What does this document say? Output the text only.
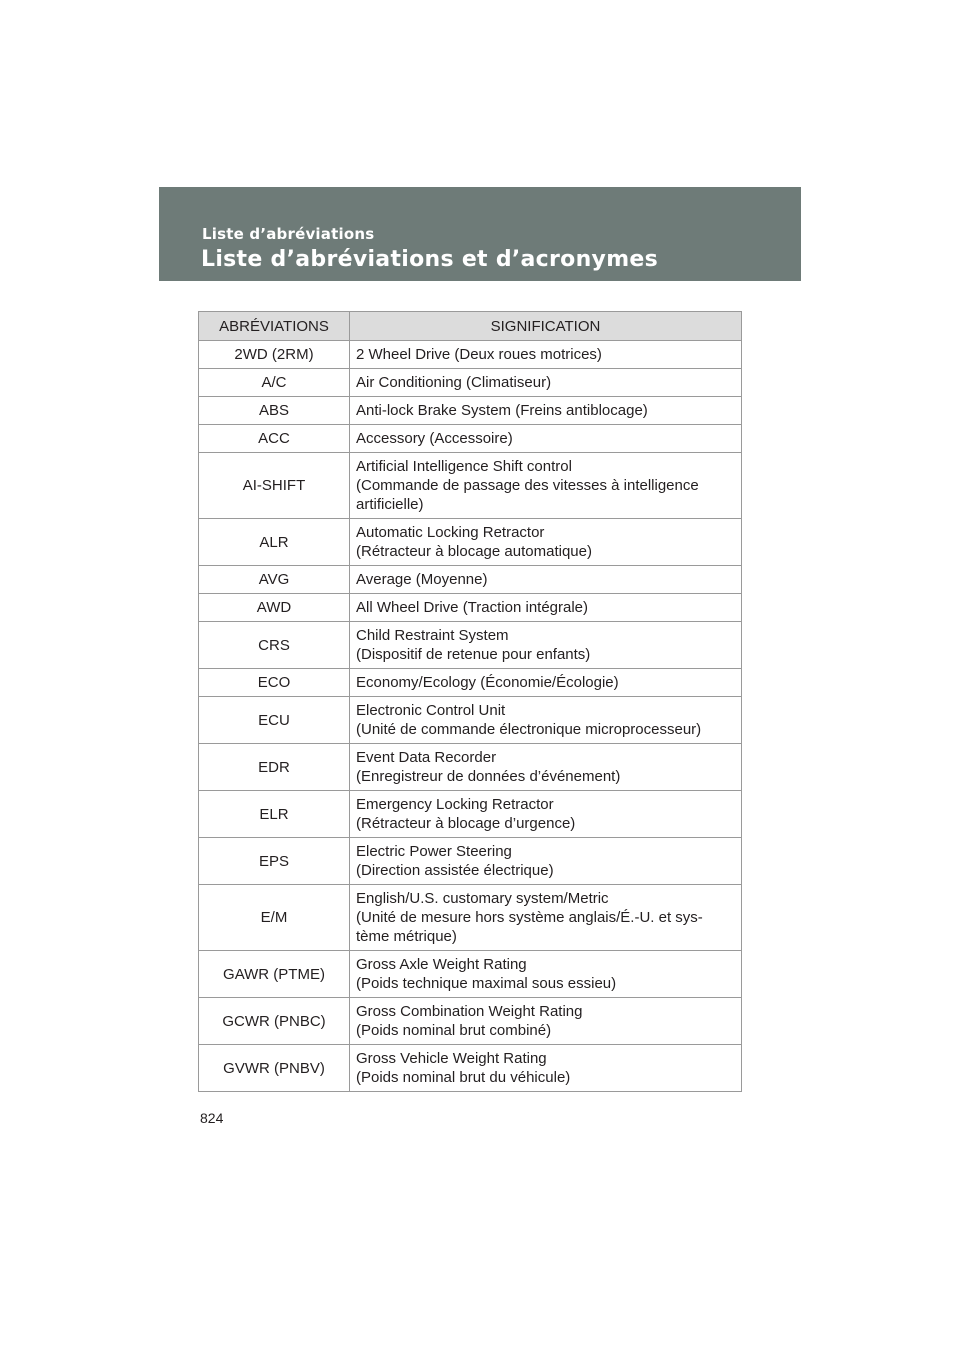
Liste d’abréviations
Liste d’abréviations et d’acronymes
ABRÉVIATIONS	SIGNIFICATION
2WD (2RM)	2 Wheel Drive (Deux roues motrices)
A/C	Air Conditioning (Climatiseur)
ABS	Anti-lock Brake System (Freins antiblocage)
ACC	Accessory (Accessoire)
AI-SHIFT	Artificial Intelligence Shift control
(Commande de passage des vitesses à intelligence
artificielle)
ALR	Automatic Locking Retractor
(Rétracteur à blocage automatique)
AVG	Average (Moyenne)
AWD	All Wheel Drive (Traction intégrale)
CRS	Child Restraint System
(Dispositif de retenue pour enfants)
ECO	Economy/Ecology (Économie/Écologie)
ECU	Electronic Control Unit
(Unité de commande électronique microprocesseur)
EDR	Event Data Recorder
(Enregistreur de données d’événement)
ELR	Emergency Locking Retractor
(Rétracteur à blocage d’urgence)
EPS	Electric Power Steering
(Direction assistée électrique)
E/M	English/U.S. customary system/Metric
(Unité de mesure hors système anglais/É.-U. et sys-
tème métrique)
GAWR (PTME)	Gross Axle Weight Rating
(Poids technique maximal sous essieu)
GCWR (PNBC)	Gross Combination Weight Rating
(Poids nominal brut combiné)
GVWR (PNBV)	Gross Vehicle Weight Rating
(Poids nominal brut du véhicule)
824
